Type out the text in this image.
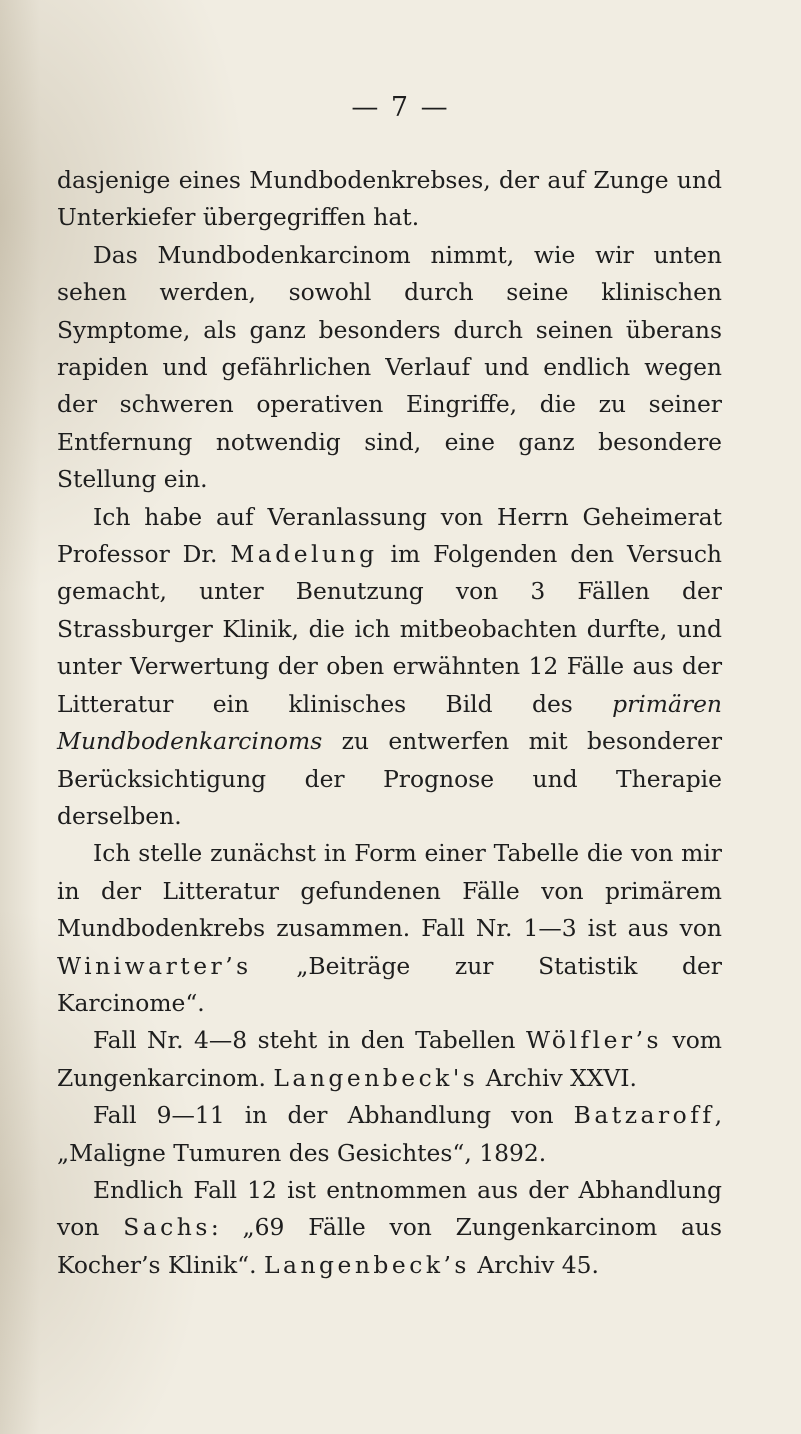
— 7 —

dasjenige eines Mundbodenkrebses, der auf Zunge und Unterkiefer übergegriffen hat.

Das Mundbodenkarcinom nimmt, wie wir unten sehen werden, sowohl durch seine klinischen Symptome, als ganz besonders durch seinen überans rapiden und gefährlichen Verlauf und endlich wegen der schweren operativen Eingriffe, die zu seiner Entfernung notwendig sind, eine ganz besondere Stellung ein.

Ich habe auf Veranlassung von Herrn Geheimerat Professor Dr. Madelung im Folgenden den Versuch gemacht, unter Benutzung von 3 Fällen der Strassburger Klinik, die ich mitbeobachten durfte, und unter Verwertung der oben erwähnten 12 Fälle aus der Litteratur ein klinisches Bild des primären Mundbodenkarcinoms zu entwerfen mit besonderer Berücksichtigung der Prognose und Therapie derselben.

Ich stelle zunächst in Form einer Tabelle die von mir in der Litteratur gefundenen Fälle von primärem Mundbodenkrebs zusammen. Fall Nr. 1—3 ist aus von Winiwarter’s „Beiträge zur Statistik der Karcinome“.

Fall Nr. 4—8 steht in den Tabellen Wölfler’s vom Zungenkarcinom. Langenbeck's Archiv XXVI.

Fall 9—11 in der Abhandlung von Batzaroff, „Maligne Tumuren des Gesichtes“, 1892.

Endlich Fall 12 ist entnommen aus der Abhandlung von Sachs: „69 Fälle von Zungenkarcinom aus Kocher’s Klinik“. Langenbeck’s Archiv 45.
